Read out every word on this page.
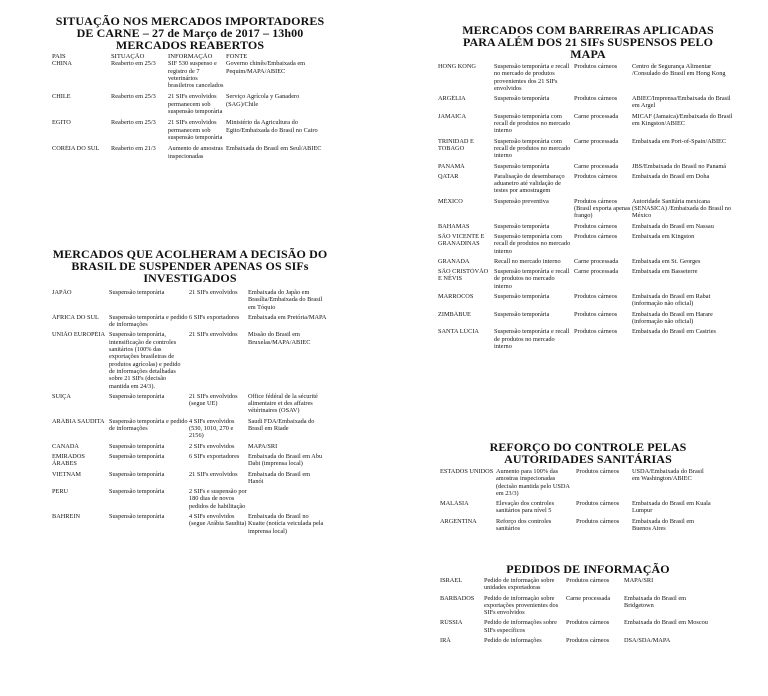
SITUAÇÃO NOS MERCADOS IMPORTADORES
DE CARNE – 27 de Março de 2017 – 13h00
MERCADOS REABERTOS
PAÍS	SITUAÇÃO	INFORMAÇÃO	FONTE
CHINA	Reaberto em 25/3	SIF 530 suspenso e registro de 7 veterinários brasileiros cancelados	Governo chinês/Embaixada em Pequim/MAPA/ABIEC
CHILE	Reaberto em 25/3	21 SIFs envolvidos permanecem sob suspensão temporária	Serviço Agrícola y Ganadero (SAG)/Chile
EGITO	Reaberto em 25/3	21 SIFs envolvidos permanecem sob suspensão temporária	Ministério da Agricultura do Egito/Embaixada do Brasil no Cairo
CORÉIA DO SUL	Reaberto em 21/3	Aumento de amostras inspecionadas	Embaixada do Brasil em Seul/ABIEC
MERCADOS QUE ACOLHERAM A DECISÃO DO
BRASIL DE SUSPENDER APENAS OS SIFs
INVESTIGADOS
JAPÃO	Suspensão temporária	21 SIFs envolvidos	Embaixada do Japão em Brasília/Embaixada do Brasil em Tóquio
ÁFRICA DO SUL	Suspensão temporária e pedido de informações	6 SIFs exportadores	Embaixada em Pretória/MAPA
UNIÃO EUROPÉIA	Suspensão temporária, intensificação de controles sanitários (100% das exportações brasileiras de produtos agrícolas) e pedido de informações detalhadas sobre 21 SIFs (decisão mantida em 24/3).	21 SIFs envolvidos	Missão do Brasil em Bruxelas/MAPA/ABIEC
SUIÇA	Suspensão temporária	21 SIFs envolvidos (segue UE)	Office fédéral de la sécurité alimentaire et des affaires vétérinaires (OSAV)
ARÁBIA SAUDITA	Suspensão temporária e pedido de informações	4 SIFs envolvidos (530, 1010, 270 e 2156)	Saudi FDA/Embaixada do Brasil em Riade
CANADÁ	Suspensão temporária	2 SIFs envolvidos	MAPA/SRI
EMIRADOS ÁRABES	Suspensão temporária	6 SIFs exportadores	Embaixada do Brasil em Abu Dabi (imprensa local)
VIETNAM	Suspensão temporária	21 SIFs envolvidos	Embaixada do Brasil em Hanói
PERU	Suspensão temporária	2 SIFs e suspensão por 180 dias de novos pedidos de habilitação	
BAHREIN	Suspensão temporária	4 SIFs envolvidos (segue Arábia Saudita)	Embaixada do Brasil no Kuaite (notícia veiculada pela imprensa local)
MERCADOS COM BARREIRAS APLICADAS
PARA ALÉM DOS 21 SIFs SUSPENSOS PELO
MAPA
HONG KONG	Suspensão temporária e recall no mercado de produtos provenientes dos 21 SIFs envolvidos	Produtos cárneos	Centro de Segurança Alimentar /Consulado do Brasil em Hong Kong
ARGÉLIA	Suspensão temporária	Produtos cárneos	ABIEC/Imprensa/Embaixada do Brasil em Argel
JAMAICA	Suspensão temporária com recall de produtos no mercado interno	Carne processada	MICAF (Jamaica)/Embaixada do Brasil em Kingston/ABIEC
TRINIDAD E TOBAGO	Suspensão temporária com recall de produtos no mercado interno	Carne processada	Embaixada em Port-of-Spain/ABIEC
PANAMÁ	Suspensão temporária	Carne processada	JBS/Embaixada do Brasil no Panamá
QATAR	Paralisação de desembaraço aduaneiro até validação de testes por amostragem	Produtos cárneos	Embaixada do Brasil em Doha
MÉXICO	Suspensão preventiva	Produtos cárneos (Brasil exporta apenas frango)	Autoridade Sanitária mexicana (SENASICA) /Embaixada do Brasil no México
BAHAMAS	Suspensão temporária	Produtos cárneos	Embaixada do Brasil em Nassau
SÃO VICENTE E GRANADINAS	Suspensão temporária com recall de produtos no mercado interno	Produtos cárneos	Embaixada em Kingston
GRANADA	Recall no mercado interno	Carne processada	Embaixada em St. Georges
SÃO CRISTÓVÃO E NÉVIS	Suspensão temporária e recall de produtos no mercado interno	Carne processada	Embaixada em Basseterre
MARROCOS	Suspensão temporária	Produtos cárneos	Embaixada do Brasil em Rabat (informação não oficial)
ZIMBÁBUE	Suspensão temporária	Produtos cárneos	Embaixada do Brasil em Harare (informação não oficial)
SANTA LÚCIA	Suspensão temporária e recall de produtos no mercado interno	Produtos cárneos	Embaixada do Brasil em Castries
REFORÇO DO CONTROLE PELAS
AUTORIDADES SANITÁRIAS
ESTADOS UNIDOS	Aumento para 100% das amostras inspecionadas (decisão mantida pelo USDA em 23/3)	Produtos cárneos	USDA/Embaixada do Brasil em Washington/ABIEC
MALÁSIA	Elevação dos controles sanitários para nível 5	Produtos cárneos	Embaixada do Brasil em Kuala Lumpur
ARGENTINA	Reforço dos controles sanitários	Produtos cárneos	Embaixada do Brasil em Buenos Aires
PEDIDOS DE INFORMAÇÃO
ISRAEL	Pedido de informação sobre unidades exportadoras	Produtos cárneos	MAPA/SRI
BARBADOS	Pedido de informação sobre exportações provenientes dos SIFs envolvidos	Carne processada	Embaixada do Brasil em Bridgetown
RÚSSIA	Pedido de informações sobre SIFs específicos	Produtos cárneos	Embaixada do Brasil em Moscou
IRÃ	Pedido de informações	Produtos cárneos	DSA/SDA/MAPA
